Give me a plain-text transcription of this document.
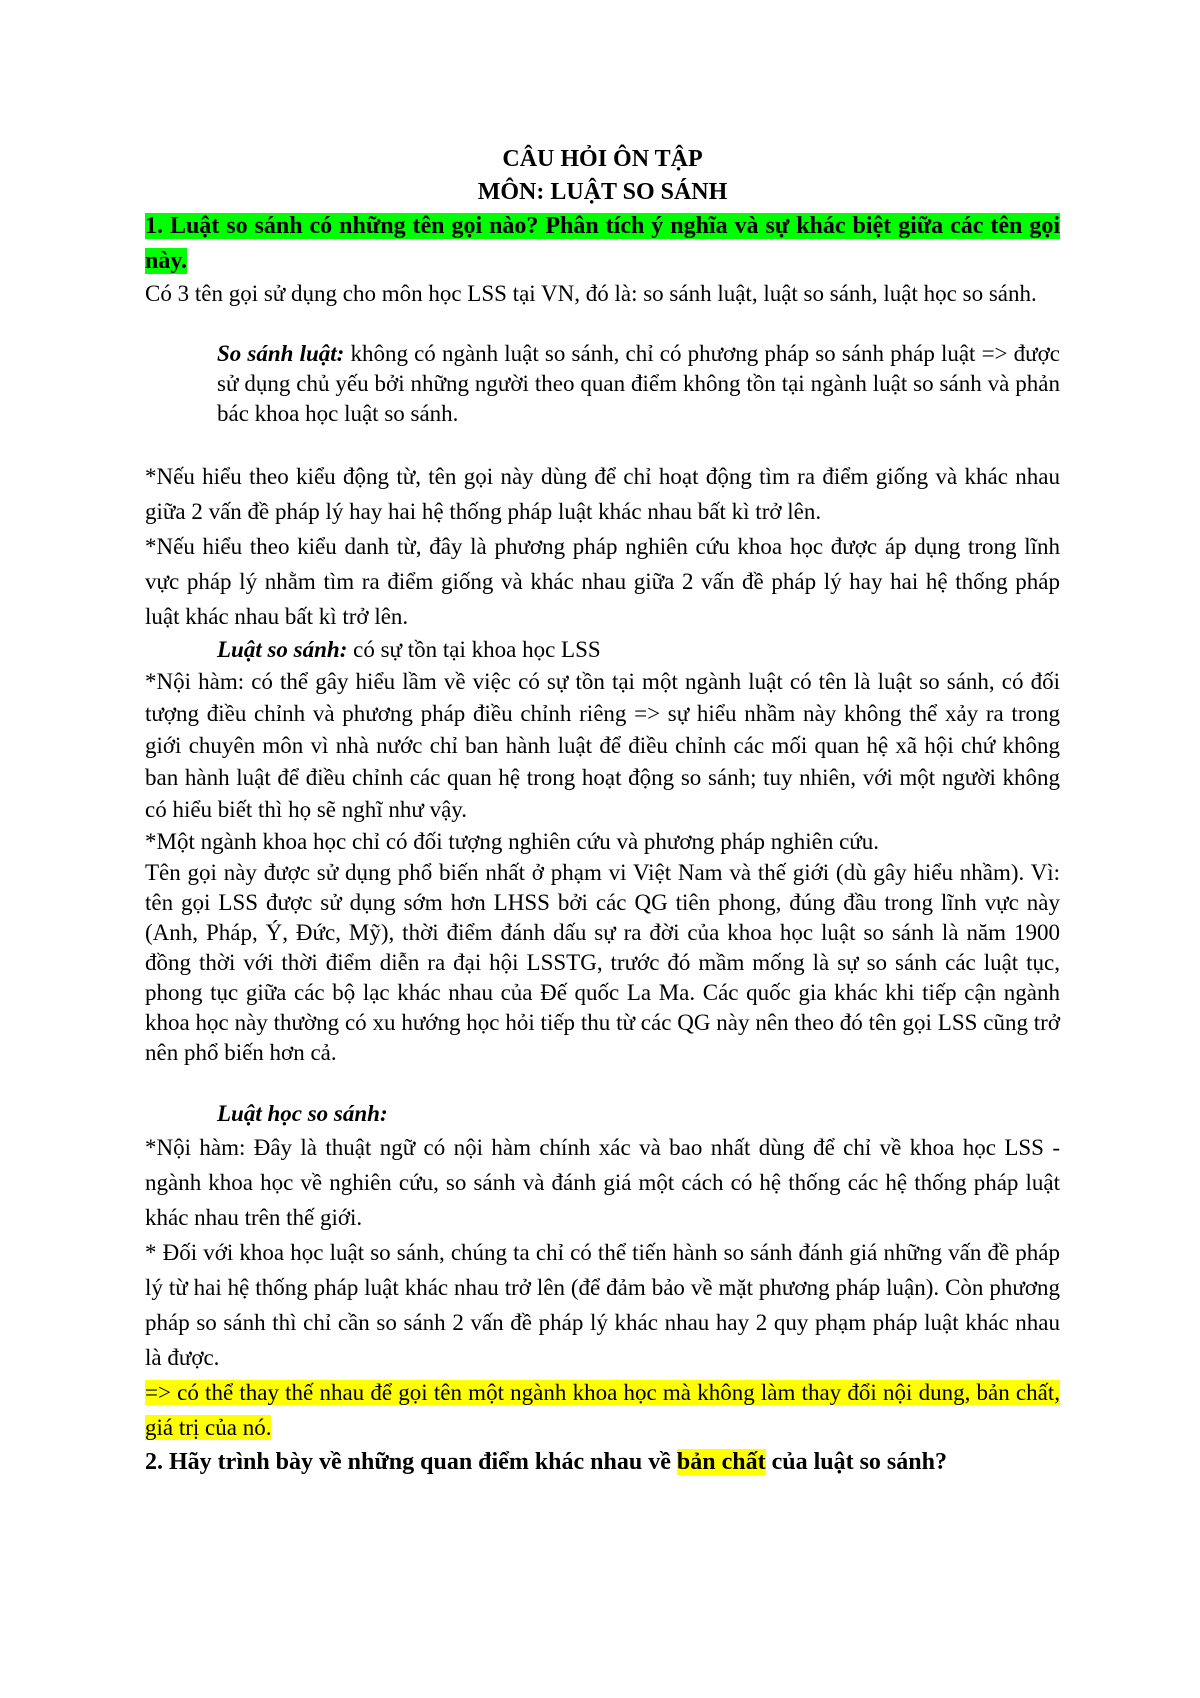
CÂU HỎI ÔN TẬP
MÔN: LUẬT SO SÁNH

1. Luật so sánh có những tên gọi nào? Phân tích ý nghĩa và sự khác biệt giữa các tên gọi này.

Có 3 tên gọi sử dụng cho môn học LSS tại VN, đó là: so sánh luật, luật so sánh, luật học so sánh.

So sánh luật: không có ngành luật so sánh, chỉ có phương pháp so sánh pháp luật => được sử dụng chủ yếu bởi những người theo quan điểm không tồn tại ngành luật so sánh và phản bác khoa học luật so sánh.

*Nếu hiểu theo kiểu động từ, tên gọi này dùng để chỉ hoạt động tìm ra điểm giống và khác nhau giữa 2 vấn đề pháp lý hay hai hệ thống pháp luật khác nhau bất kì trở lên.

*Nếu hiểu theo kiểu danh từ, đây là phương pháp nghiên cứu khoa học được áp dụng trong lĩnh vực pháp lý nhằm tìm ra điểm giống và khác nhau giữa 2 vấn đề pháp lý hay hai hệ thống pháp luật khác nhau bất kì trở lên.

Luật so sánh: có sự tồn tại khoa học LSS

*Nội hàm: có thể gây hiểu lầm về việc có sự tồn tại một ngành luật có tên là luật so sánh, có đối tượng điều chỉnh và phương pháp điều chỉnh riêng => sự hiểu nhầm này không thể xảy ra trong giới chuyên môn vì nhà nước chỉ ban hành luật để điều chỉnh các mối quan hệ xã hội chứ không ban hành luật để điều chỉnh các quan hệ trong hoạt động so sánh; tuy nhiên, với một người không có hiểu biết thì họ sẽ nghĩ như vậy.

*Một ngành khoa học chỉ có đối tượng nghiên cứu và phương pháp nghiên cứu.

Tên gọi này được sử dụng phổ biến nhất ở phạm vi Việt Nam và thế giới (dù gây hiểu nhầm). Vì: tên gọi LSS được sử dụng sớm hơn LHSS bởi các QG tiên phong, đúng đầu trong lĩnh vực này (Anh, Pháp, Ý, Đức, Mỹ), thời điểm đánh dấu sự ra đời của khoa học luật so sánh là năm 1900 đồng thời với thời điểm diễn ra đại hội LSSTG, trước đó mầm mống là sự so sánh các luật tục, phong tục giữa các bộ lạc khác nhau của Đế quốc La Ma. Các quốc gia khác khi tiếp cận ngành khoa học này thường có xu hướng học hỏi tiếp thu từ các QG này nên theo đó tên gọi LSS cũng trở nên phổ biến hơn cả.

Luật học so sánh:

*Nội hàm: Đây là thuật ngữ có nội hàm chính xác và bao nhất dùng để chỉ về khoa học LSS - ngành khoa học về nghiên cứu, so sánh và đánh giá một cách có hệ thống các hệ thống pháp luật khác nhau trên thế giới.

* Đối với khoa học luật so sánh, chúng ta chỉ có thể tiến hành so sánh đánh giá những vấn đề pháp lý từ hai hệ thống pháp luật khác nhau trở lên (để đảm bảo về mặt phương pháp luận). Còn phương pháp so sánh thì chỉ cần so sánh 2 vấn đề pháp lý khác nhau hay 2 quy phạm pháp luật khác nhau là được.

=> có thể thay thế nhau để gọi tên một ngành khoa học mà không làm thay đổi nội dung, bản chất, giá trị của nó.

2. Hãy trình bày về những quan điểm khác nhau về bản chất của luật so sánh?
